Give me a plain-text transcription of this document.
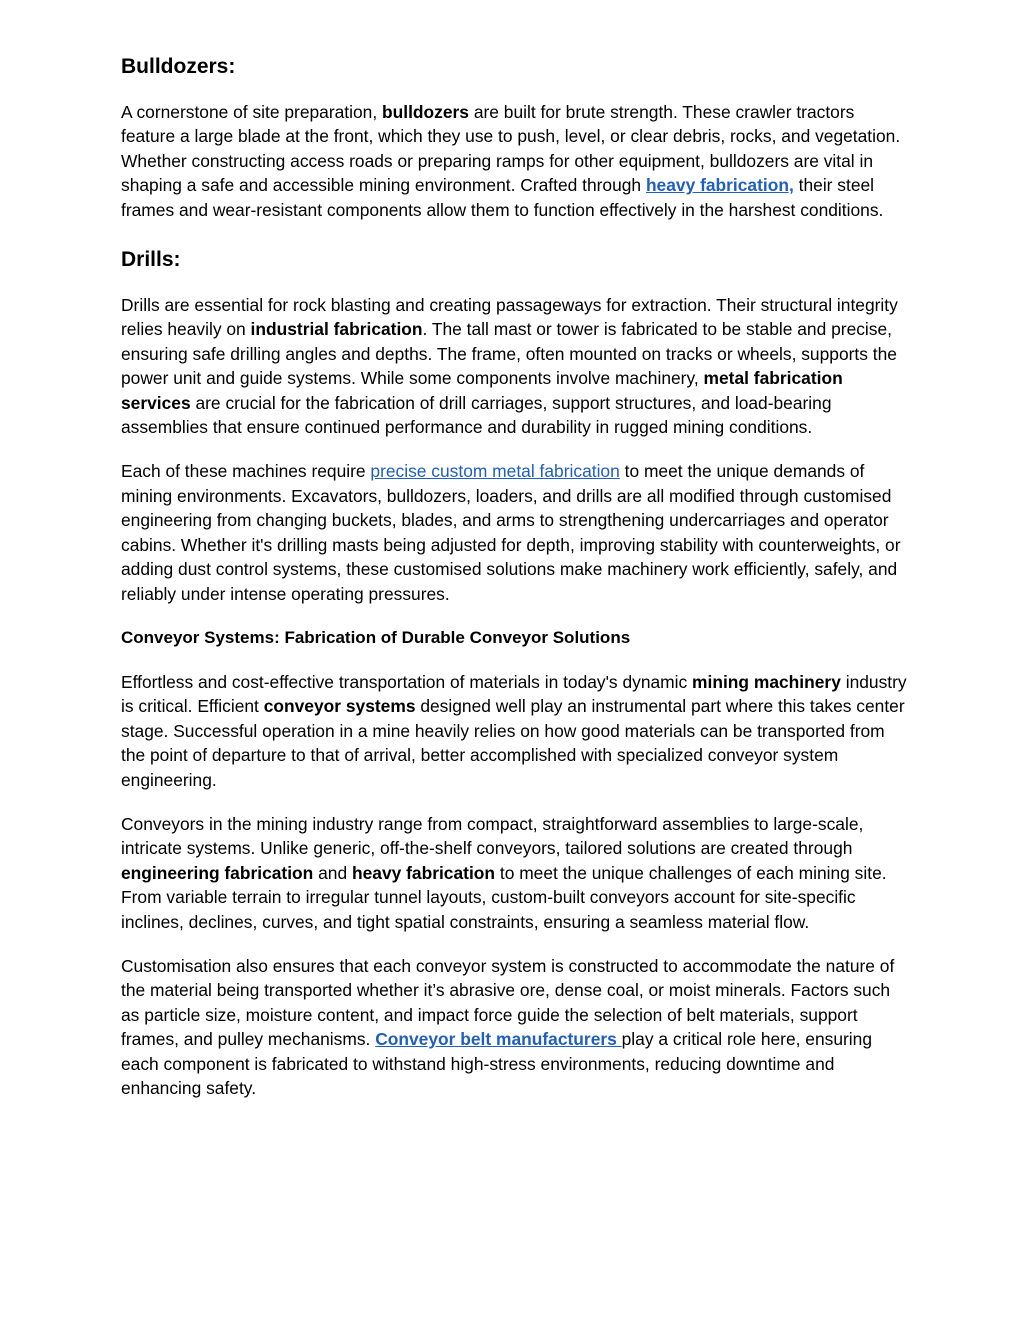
Bulldozers:

A cornerstone of site preparation, bulldozers are built for brute strength. These crawler tractors feature a large blade at the front, which they use to push, level, or clear debris, rocks, and vegetation. Whether constructing access roads or preparing ramps for other equipment, bulldozers are vital in shaping a safe and accessible mining environment. Crafted through heavy fabrication, their steel frames and wear-resistant components allow them to function effectively in the harshest conditions.

Drills:

Drills are essential for rock blasting and creating passageways for extraction. Their structural integrity relies heavily on industrial fabrication. The tall mast or tower is fabricated to be stable and precise, ensuring safe drilling angles and depths. The frame, often mounted on tracks or wheels, supports the power unit and guide systems. While some components involve machinery, metal fabrication services are crucial for the fabrication of drill carriages, support structures, and load-bearing assemblies that ensure continued performance and durability in rugged mining conditions.

Each of these machines require precise custom metal fabrication to meet the unique demands of mining environments. Excavators, bulldozers, loaders, and drills are all modified through customised engineering from changing buckets, blades, and arms to strengthening undercarriages and operator cabins. Whether it's drilling masts being adjusted for depth, improving stability with counterweights, or adding dust control systems, these customised solutions make machinery work efficiently, safely, and reliably under intense operating pressures.

Conveyor Systems: Fabrication of Durable Conveyor Solutions

Effortless and cost-effective transportation of materials in today's dynamic mining machinery industry is critical. Efficient conveyor systems designed well play an instrumental part where this takes center stage. Successful operation in a mine heavily relies on how good materials can be transported from the point of departure to that of arrival, better accomplished with specialized conveyor system engineering.

Conveyors in the mining industry range from compact, straightforward assemblies to large-scale, intricate systems. Unlike generic, off-the-shelf conveyors, tailored solutions are created through engineering fabrication and heavy fabrication to meet the unique challenges of each mining site. From variable terrain to irregular tunnel layouts, custom-built conveyors account for site-specific inclines, declines, curves, and tight spatial constraints, ensuring a seamless material flow.

Customisation also ensures that each conveyor system is constructed to accommodate the nature of the material being transported whether it’s abrasive ore, dense coal, or moist minerals. Factors such as particle size, moisture content, and impact force guide the selection of belt materials, support frames, and pulley mechanisms. Conveyor belt manufacturers play a critical role here, ensuring each component is fabricated to withstand high-stress environments, reducing downtime and enhancing safety.
